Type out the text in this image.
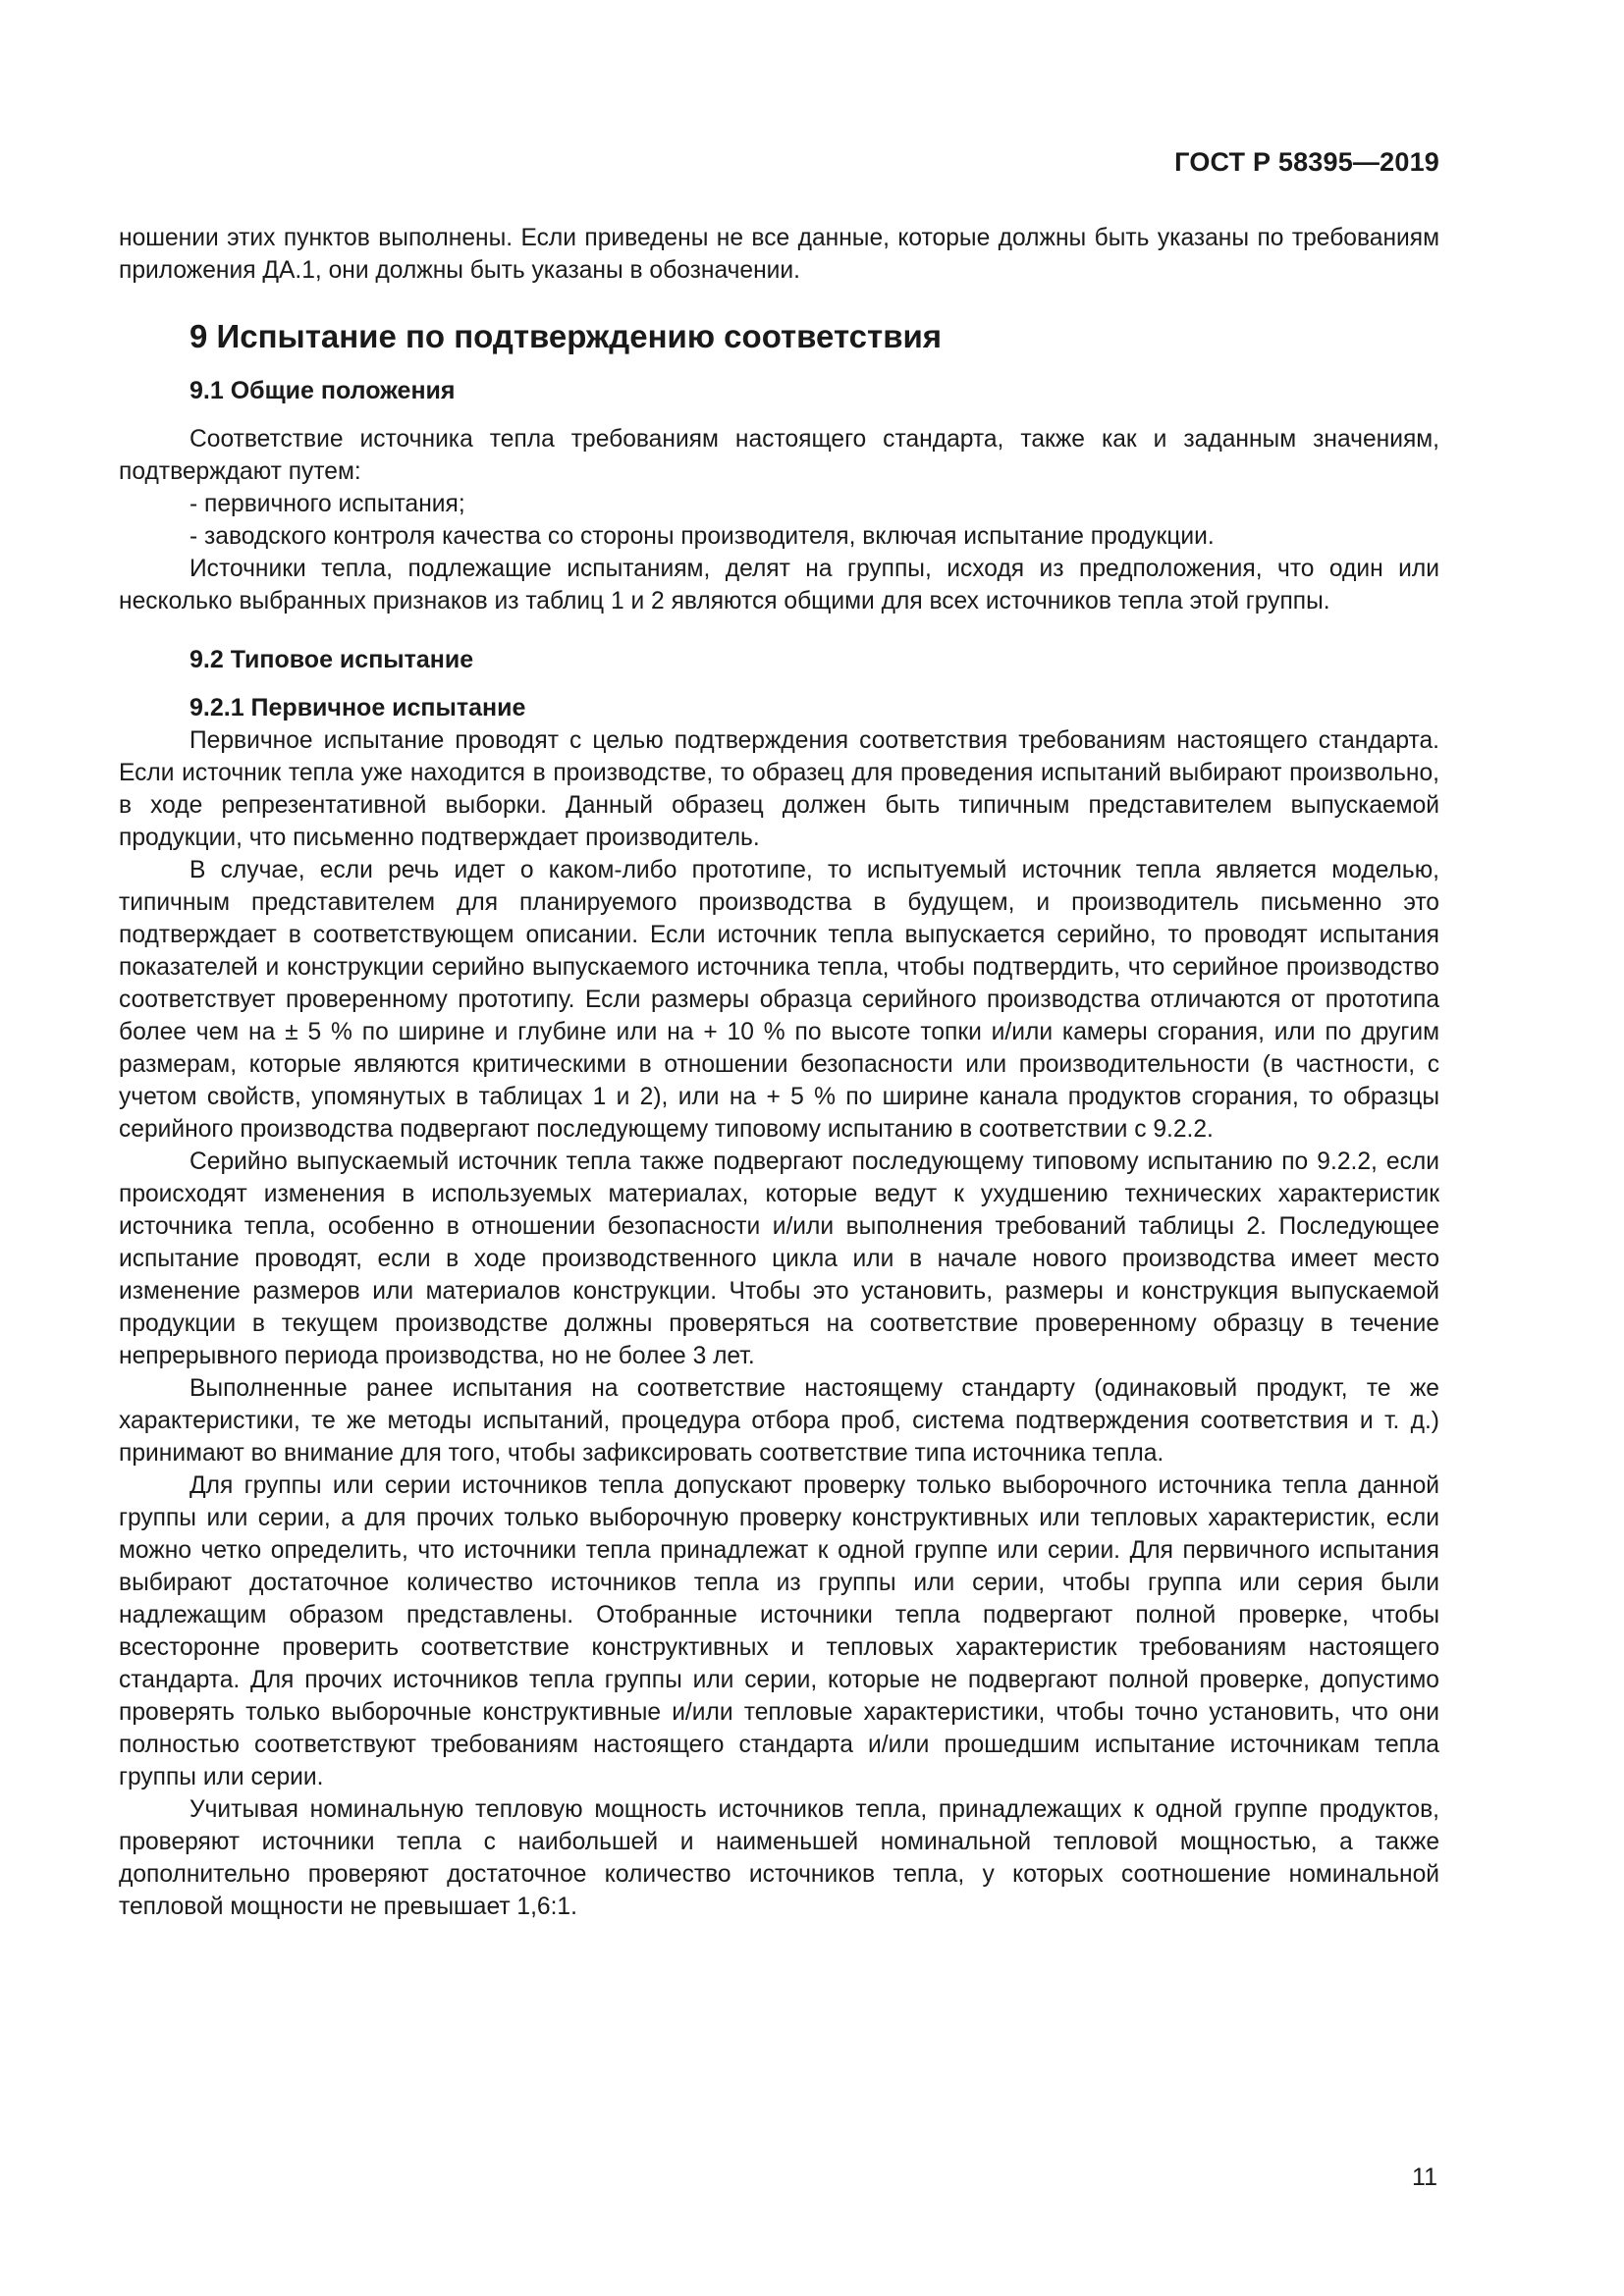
ГОСТ Р 58395—2019

ношении этих пунктов выполнены. Если приведены не все данные, которые должны быть указаны по требованиям приложения ДА.1, они должны быть указаны в обозначении.

9 Испытание по подтверждению соответствия
9.1 Общие положения

Соответствие источника тепла требованиям настоящего стандарта, также как и заданным значениям, подтверждают путем:

- первичного испытания;

- заводского контроля качества со стороны производителя, включая испытание продукции.

Источники тепла, подлежащие испытаниям, делят на группы, исходя из предположения, что один или несколько выбранных признаков из таблиц 1 и 2 являются общими для всех источников тепла этой группы.

9.2 Типовое испытание
9.2.1 Первичное испытание

Первичное испытание проводят с целью подтверждения соответствия требованиям настоящего стандарта. Если источник тепла уже находится в производстве, то образец для проведения испытаний выбирают произвольно, в ходе репрезентативной выборки. Данный образец должен быть типичным представителем выпускаемой продукции, что письменно подтверждает производитель.

В случае, если речь идет о каком-либо прототипе, то испытуемый источник тепла является моделью, типичным представителем для планируемого производства в будущем, и производитель письменно это подтверждает в соответствующем описании. Если источник тепла выпускается серийно, то проводят испытания показателей и конструкции серийно выпускаемого источника тепла, чтобы подтвердить, что серийное производство соответствует проверенному прототипу. Если размеры образца серийного производства отличаются от прототипа более чем на ± 5 % по ширине и глубине или на + 10 % по высоте топки и/или камеры сгорания, или по другим размерам, которые являются критическими в отношении безопасности или производительности (в частности, с учетом свойств, упомянутых в таблицах 1 и 2), или на + 5 % по ширине канала продуктов сгорания, то образцы серийного производства подвергают последующему типовому испытанию в соответствии с 9.2.2.

Серийно выпускаемый источник тепла также подвергают последующему типовому испытанию по 9.2.2, если происходят изменения в используемых материалах, которые ведут к ухудшению технических характеристик источника тепла, особенно в отношении безопасности и/или выполнения требований таблицы 2. Последующее испытание проводят, если в ходе производственного цикла или в начале нового производства имеет место изменение размеров или материалов конструкции. Чтобы это установить, размеры и конструкция выпускаемой продукции в текущем производстве должны проверяться на соответствие проверенному образцу в течение непрерывного периода производства, но не более 3 лет.

Выполненные ранее испытания на соответствие настоящему стандарту (одинаковый продукт, те же характеристики, те же методы испытаний, процедура отбора проб, система подтверждения соответствия и т. д.) принимают во внимание для того, чтобы зафиксировать соответствие типа источника тепла.

Для группы или серии источников тепла допускают проверку только выборочного источника тепла данной группы или серии, а для прочих только выборочную проверку конструктивных или тепловых характеристик, если можно четко определить, что источники тепла принадлежат к одной группе или серии. Для первичного испытания выбирают достаточное количество источников тепла из группы или серии, чтобы группа или серия были надлежащим образом представлены. Отобранные источники тепла подвергают полной проверке, чтобы всесторонне проверить соответствие конструктивных и тепловых характеристик требованиям настоящего стандарта. Для прочих источников тепла группы или серии, которые не подвергают полной проверке, допустимо проверять только выборочные конструктивные и/или тепловые характеристики, чтобы точно установить, что они полностью соответствуют требованиям настоящего стандарта и/или прошедшим испытание источникам тепла группы или серии.

Учитывая номинальную тепловую мощность источников тепла, принадлежащих к одной группе продуктов, проверяют источники тепла с наибольшей и наименьшей номинальной тепловой мощностью, а также дополнительно проверяют достаточное количество источников тепла, у которых соотношение номинальной тепловой мощности не превышает 1,6:1.

11
